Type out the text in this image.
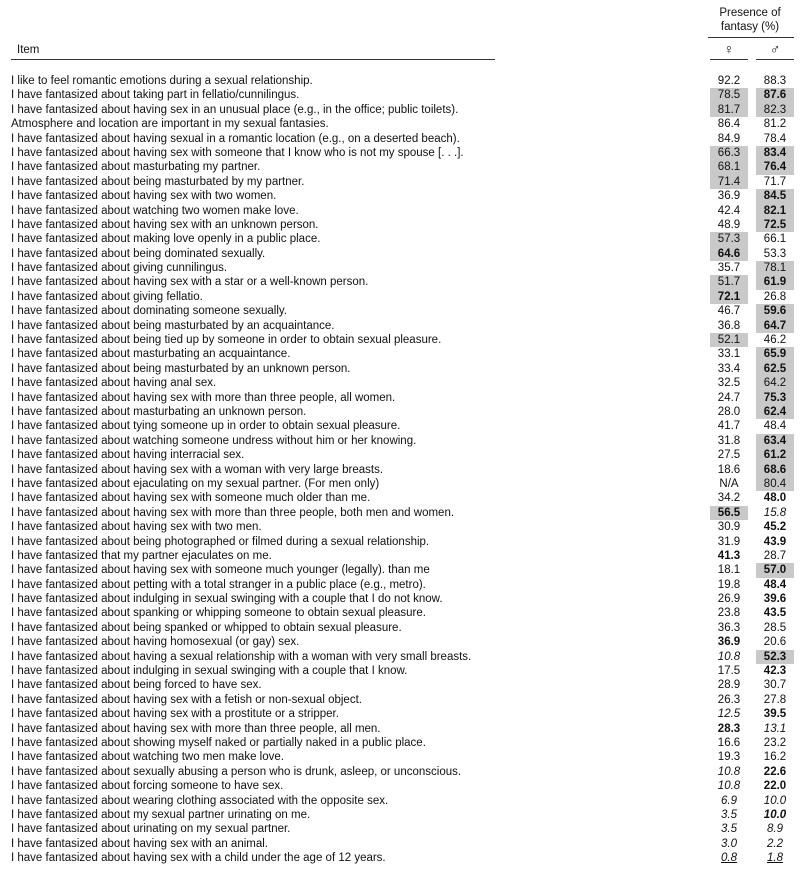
Presence of
fantasy (%)
♀	♂
Item
I like to feel romantic emotions during a sexual relationship.	92.2	88.3
I have fantasized about taking part in fellatio/cunnilingus.	78.5	87.6
I have fantasized about having sex in an unusual place (e.g., in the office; public toilets).	81.7	82.3
Atmosphere and location are important in my sexual fantasies.	86.4	81.2
I have fantasized about having sexual in a romantic location (e.g., on a deserted beach).	84.9	78.4
I have fantasized about having sex with someone that I know who is not my spouse [. . .].	66.3	83.4
I have fantasized about masturbating my partner.	68.1	76.4
I have fantasized about being masturbated by my partner.	71.4	71.7
I have fantasized about having sex with two women.	36.9	84.5
I have fantasized about watching two women make love.	42.4	82.1
I have fantasized about having sex with an unknown person.	48.9	72.5
I have fantasized about making love openly in a public place.	57.3	66.1
I have fantasized about being dominated sexually.	64.6	53.3
I have fantasized about giving cunnilingus.	35.7	78.1
I have fantasized about having sex with a star or a well-known person.	51.7	61.9
I have fantasized about giving fellatio.	72.1	26.8
I have fantasized about dominating someone sexually.	46.7	59.6
I have fantasized about being masturbated by an acquaintance.	36.8	64.7
I have fantasized about being tied up by someone in order to obtain sexual pleasure.	52.1	46.2
I have fantasized about masturbating an acquaintance.	33.1	65.9
I have fantasized about being masturbated by an unknown person.	33.4	62.5
I have fantasized about having anal sex.	32.5	64.2
I have fantasized about having sex with more than three people, all women.	24.7	75.3
I have fantasized about masturbating an unknown person.	28.0	62.4
I have fantasized about tying someone up in order to obtain sexual pleasure.	41.7	48.4
I have fantasized about watching someone undress without him or her knowing.	31.8	63.4
I have fantasized about having interracial sex.	27.5	61.2
I have fantasized about having sex with a woman with very large breasts.	18.6	68.6
I have fantasized about ejaculating on my sexual partner. (For men only)	N/A	80.4
I have fantasized about having sex with someone much older than me.	34.2	48.0
I have fantasized about having sex with more than three people, both men and women.	56.5	15.8
I have fantasized about having sex with two men.	30.9	45.2
I have fantasized about being photographed or filmed during a sexual relationship.	31.9	43.9
I have fantasized that my partner ejaculates on me.	41.3	28.7
I have fantasized about having sex with someone much younger (legally). than me	18.1	57.0
I have fantasized about petting with a total stranger in a public place (e.g., metro).	19.8	48.4
I have fantasized about indulging in sexual swinging with a couple that I do not know.	26.9	39.6
I have fantasized about spanking or whipping someone to obtain sexual pleasure.	23.8	43.5
I have fantasized about being spanked or whipped to obtain sexual pleasure.	36.3	28.5
I have fantasized about having homosexual (or gay) sex.	36.9	20.6
I have fantasized about having a sexual relationship with a woman with very small breasts.	10.8	52.3
I have fantasized about indulging in sexual swinging with a couple that I know.	17.5	42.3
I have fantasized about being forced to have sex.	28.9	30.7
I have fantasized about having sex with a fetish or non-sexual object.	26.3	27.8
I have fantasized about having sex with a prostitute or a stripper.	12.5	39.5
I have fantasized about having sex with more than three people, all men.	28.3	13.1
I have fantasized about showing myself naked or partially naked in a public place.	16.6	23.2
I have fantasized about watching two men make love.	19.3	16.2
I have fantasized about sexually abusing a person who is drunk, asleep, or unconscious.	10.8	22.6
I have fantasized about forcing someone to have sex.	10.8	22.0
I have fantasized about wearing clothing associated with the opposite sex.	6.9	10.0
I have fantasized about my sexual partner urinating on me.	3.5	10.0
I have fantasized about urinating on my sexual partner.	3.5	8.9
I have fantasized about having sex with an animal.	3.0	2.2
I have fantasized about having sex with a child under the age of 12 years.	0.8	1.8
